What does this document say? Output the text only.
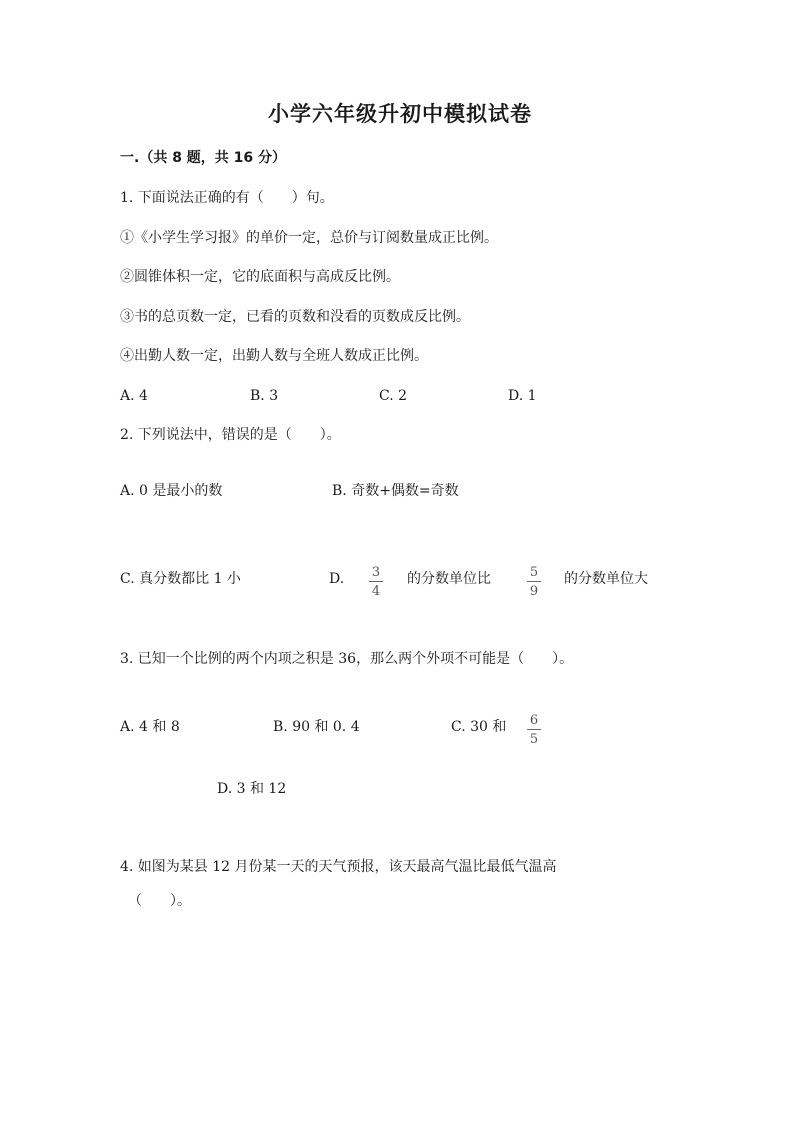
小学六年级升初中模拟试卷
一.（共 8 题，共 16 分）
1. 下面说法正确的有（　　）句。
①《小学生学习报》的单价一定，总价与订阅数量成正比例。
②圆锥体积一定，它的底面积与高成反比例。
③书的总页数一定，已看的页数和没看的页数成反比例。
④出勤人数一定，出勤人数与全班人数成正比例。
A. 4	B. 3	C. 2	D. 1
2. 下列说法中，错误的是（　　）。
A. 0 是最小的数	B. 奇数+偶数=奇数
C. 真分数都比 1 小	D. 3
4
的分数单位比	5
9
的分数单位大
3. 已知一个比例的两个内项之积是 36，那么两个外项不可能是（　　）。
A. 4 和 8	B. 90 和 0. 4	C. 30 和 6
5
D. 3 和 12
4. 如图为某县 12 月份某一天的天气预报，该天最高气温比最低气温高
（　　）。
